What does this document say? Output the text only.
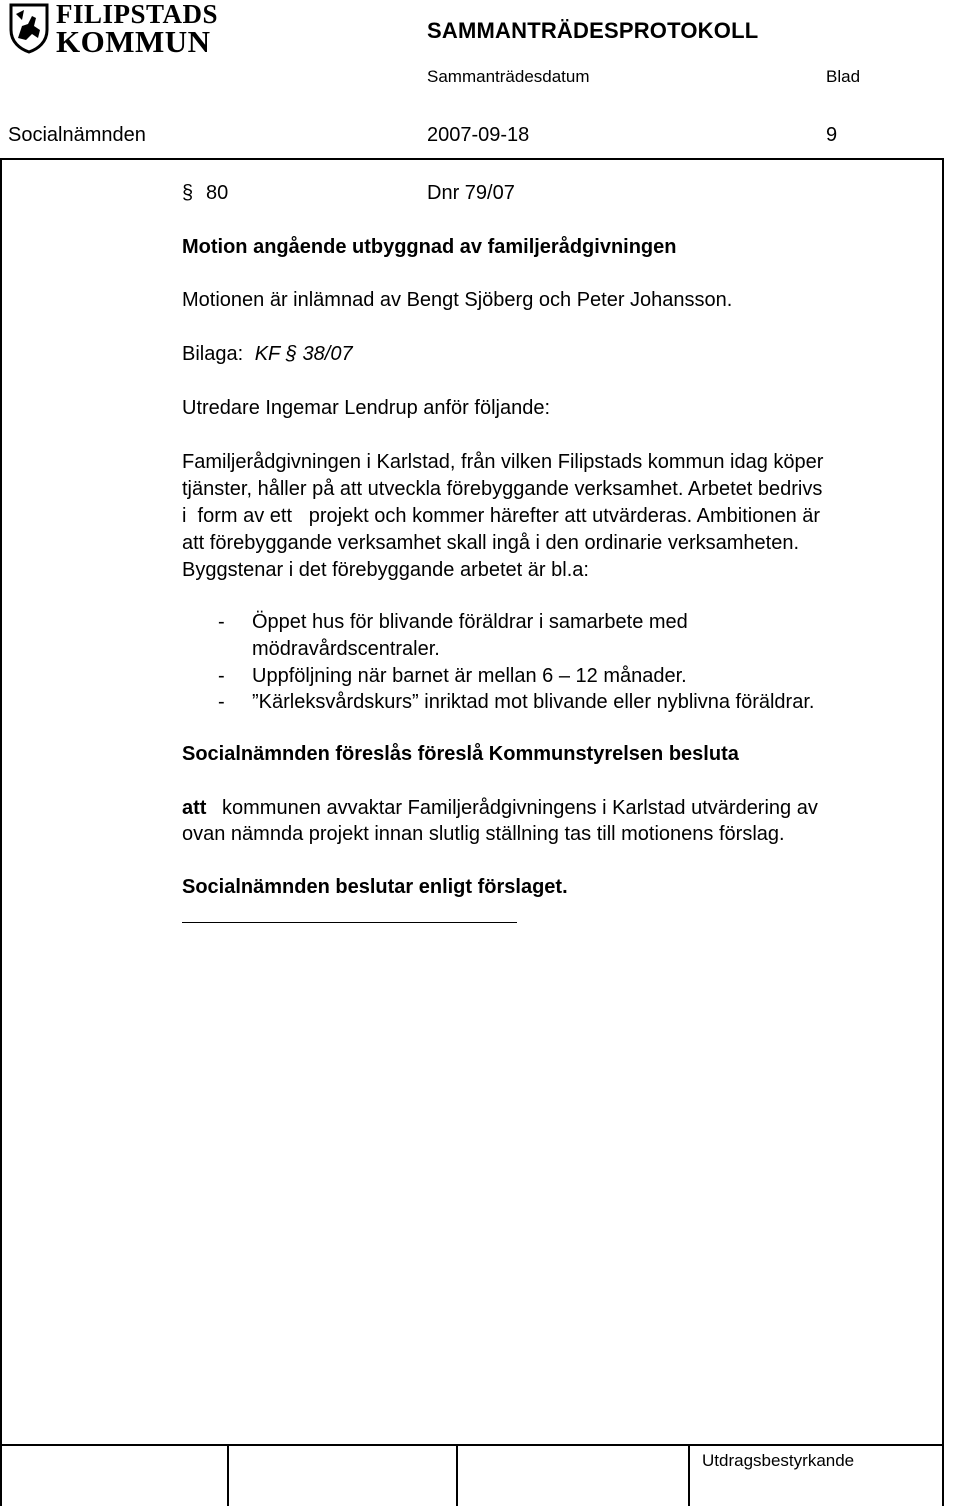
FILIPSTADS
KOMMUN	SAMMANTRÄDESPROTOKOLL
Sammanträdesdatum	Blad
Socialnämnden	2007-09-18	9
§ 80	Dnr 79/07
Motion angående utbyggnad av familjerådgivningen
Motionen är inlämnad av Bengt Sjöberg och Peter Johansson.
Bilaga: KF § 38/07
Utredare Ingemar Lendrup anför följande:
Familjerådgivningen i Karlstad, från vilken Filipstads kommun idag köper
tjänster, håller på att utveckla förebyggande verksamhet. Arbetet bedrivs
i  form av ett   projekt och kommer härefter att utvärderas. Ambitionen är
att förebyggande verksamhet skall ingå i den ordinarie verksamheten.
Byggstenar i det förebyggande arbetet är bl.a:
- Öppet hus för blivande föräldrar i samarbete med
mödravårdscentraler.
- Uppföljning när barnet är mellan 6 – 12 månader.
- ”Kärleksvårdskurs” inriktad mot blivande eller nyblivna föräldrar.
Socialnämnden föreslås föreslå Kommunstyrelsen besluta
att kommunen avvaktar Familjerådgivningens i Karlstad utvärdering av
ovan nämnda projekt innan slutlig ställning tas till motionens förslag.
Socialnämnden beslutar enligt förslaget.
Utdragsbestyrkande
